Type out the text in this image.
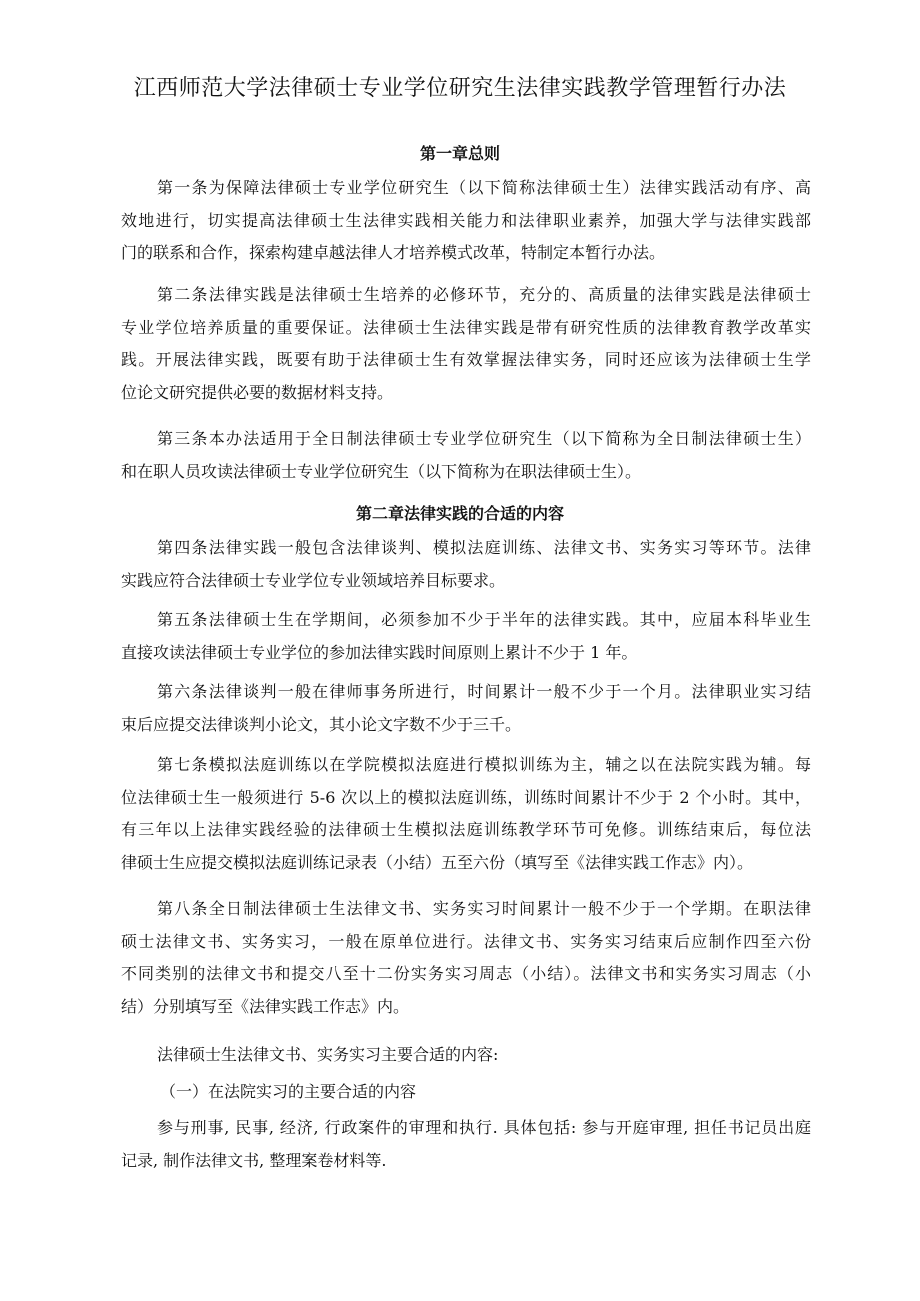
江西师范大学法律硕士专业学位研究生法律实践教学管理暂行办法
第一章总则
第一条为保障法律硕士专业学位研究生（以下简称法律硕士生）法律实践活动有序、高
效地进行，切实提高法律硕士生法律实践相关能力和法律职业素养，加强大学与法律实践部
门的联系和合作，探索构建卓越法律人才培养模式改革，特制定本暂行办法。
第二条法律实践是法律硕士生培养的必修环节，充分的、高质量的法律实践是法律硕士
专业学位培养质量的重要保证。法律硕士生法律实践是带有研究性质的法律教育教学改革实
践。开展法律实践，既要有助于法律硕士生有效掌握法律实务，同时还应该为法律硕士生学
位论文研究提供必要的数据材料支持。
第三条本办法适用于全日制法律硕士专业学位研究生（以下简称为全日制法律硕士生）
和在职人员攻读法律硕士专业学位研究生（以下简称为在职法律硕士生）。
第二章法律实践的合适的内容
第四条法律实践一般包含法律谈判、模拟法庭训练、法律文书、实务实习等环节。法律
实践应符合法律硕士专业学位专业领域培养目标要求。
第五条法律硕士生在学期间，必须参加不少于半年的法律实践。其中，应届本科毕业生
直接攻读法律硕士专业学位的参加法律实践时间原则上累计不少于 1 年。
第六条法律谈判一般在律师事务所进行，时间累计一般不少于一个月。法律职业实习结
束后应提交法律谈判小论文，其小论文字数不少于三千。
第七条模拟法庭训练以在学院模拟法庭进行模拟训练为主，辅之以在法院实践为辅。每
位法律硕士生一般须进行 5-6 次以上的模拟法庭训练，训练时间累计不少于 2 个小时。其中，
有三年以上法律实践经验的法律硕士生模拟法庭训练教学环节可免修。训练结束后，每位法
律硕士生应提交模拟法庭训练记录表（小结）五至六份（填写至《法律实践工作志》内）。
第八条全日制法律硕士生法律文书、实务实习时间累计一般不少于一个学期。在职法律
硕士法律文书、实务实习，一般在原单位进行。法律文书、实务实习结束后应制作四至六份
不同类别的法律文书和提交八至十二份实务实习周志（小结）。法律文书和实务实习周志（小
结）分别填写至《法律实践工作志》内。
法律硕士生法律文书、实务实习主要合适的内容:
（一）在法院实习的主要合适的内容
参与刑事, 民事, 经济, 行政案件的审理和执行. 具体包括: 参与开庭审理, 担任书记员出庭
记录, 制作法律文书, 整理案卷材料等.
